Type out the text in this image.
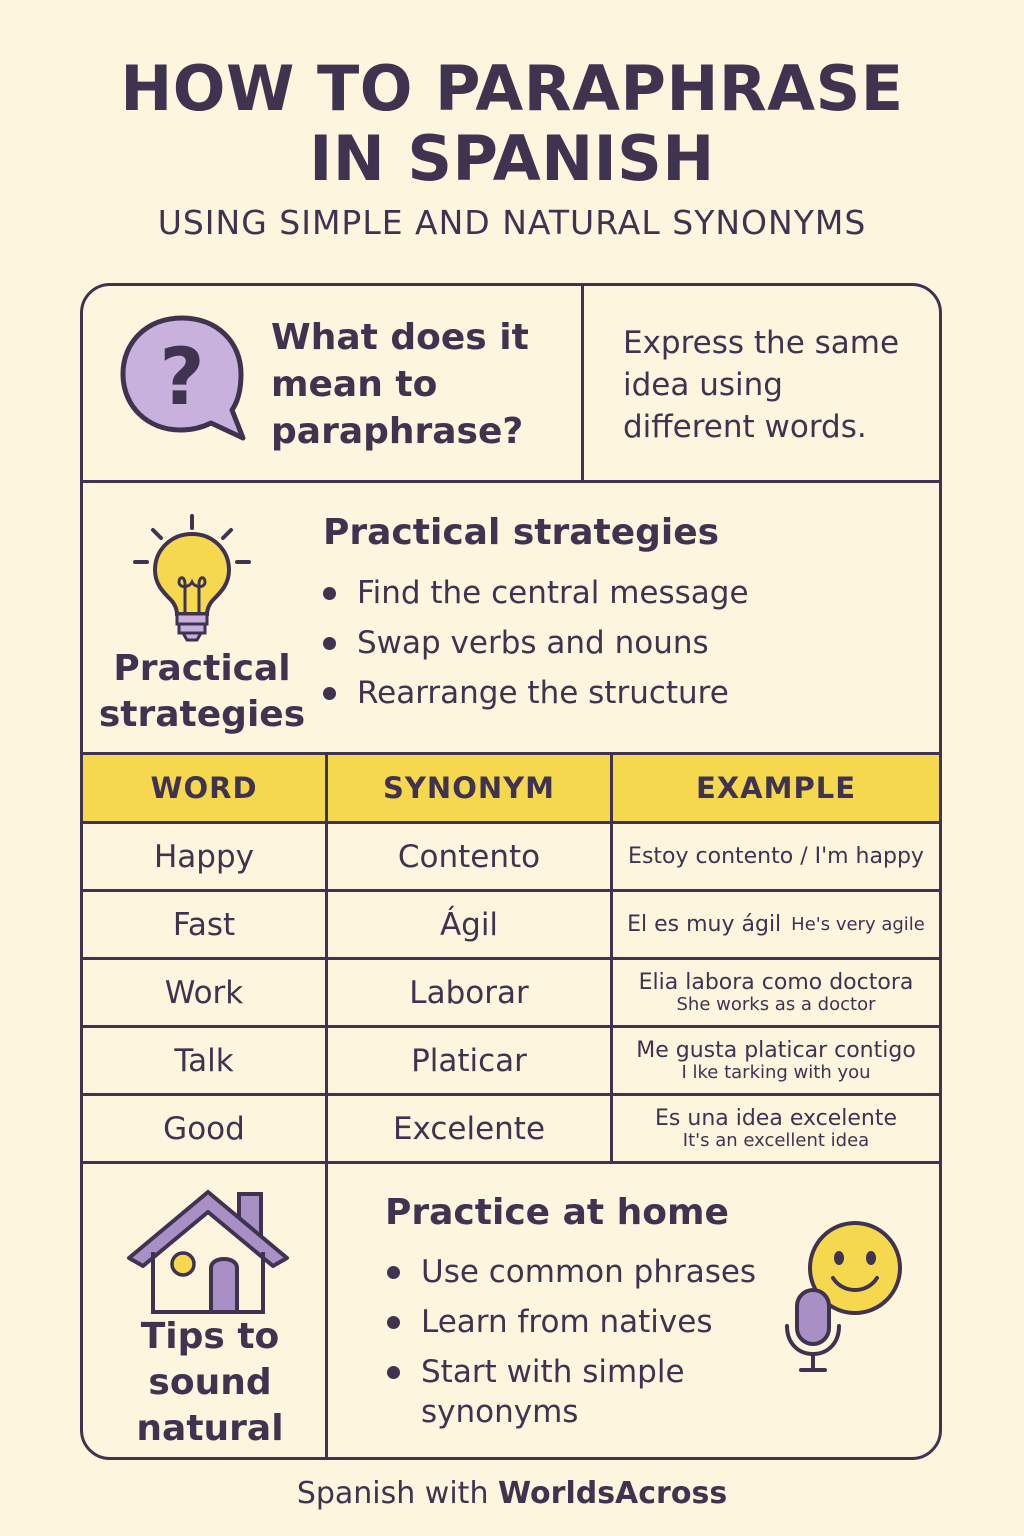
HOW TO PARAPHRASE
IN SPANISH
USING SIMPLE AND NATURAL SYNONYMS
? What does it
mean to
paraphrase?
Express the same
idea using
different words.
Practical
strategies
Practical strategies
Find the central message
Swap verbs and nouns
Rearrange the structure
WORD	SYNONYM	EXAMPLE
Happy	Contento	Estoy contento / I'm happy
Fast	Ágil	El es muy ágil He's very agile
Work	Laborar	Elia labora como doctora
She works as a doctor
Talk	Platicar	Me gusta platicar contigo
I lke tarking with you
Good	Excelente	Es una idea excelente
It's an excellent idea
Tips to
sound
natural
Practice at home
Use common phrases
Learn from natives
Start with simple synonyms
Spanish with WorldsAcross
